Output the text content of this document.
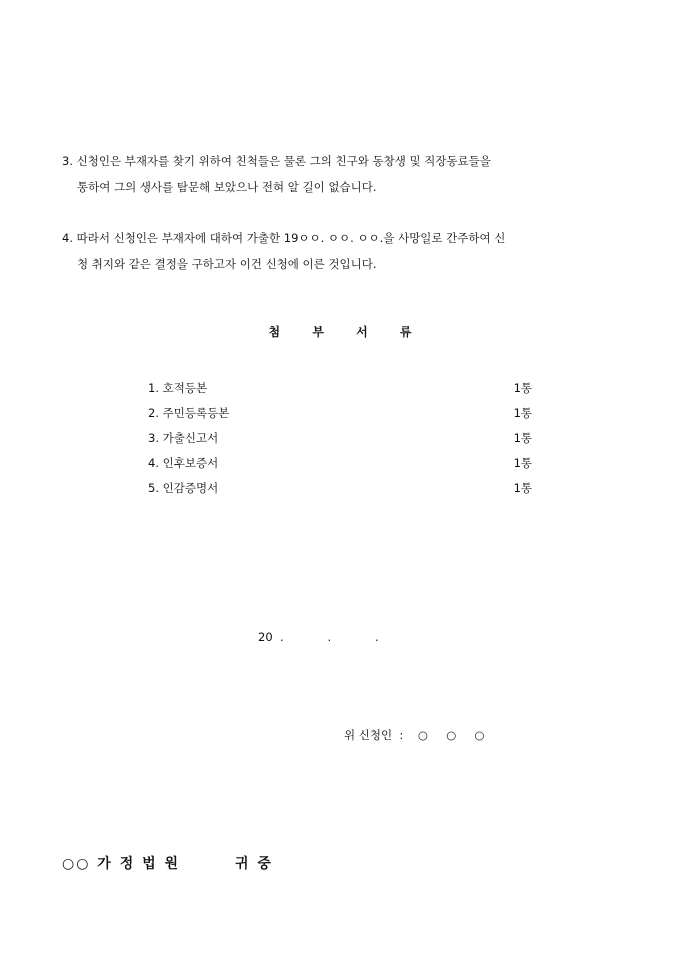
3. 신청인은 부재자를 찾기 위하여 친척들은 물론 그의 친구와 동창생 및 직장동료들을
통하여 그의 생사를 탐문해 보았으나 전혀 알 길이 없습니다.
4. 따라서 신청인은 부재자에 대하여 가출한 19ㅇㅇ. ㅇㅇ. ㅇㅇ.을 사망일로 간주하여 신
청 취지와 같은 결정을 구하고자 이건 신청에 이른 것입니다.
첨 부 서 류
1. 호적등본	1통
2. 주민등록등본	1통
3. 가출신고서	1통
4. 인후보증서	1통
5. 인감증명서	1통
20  .            .            .
위 신청인  :    ○     ○     ○
○○ 가 정 법 원        귀 중
